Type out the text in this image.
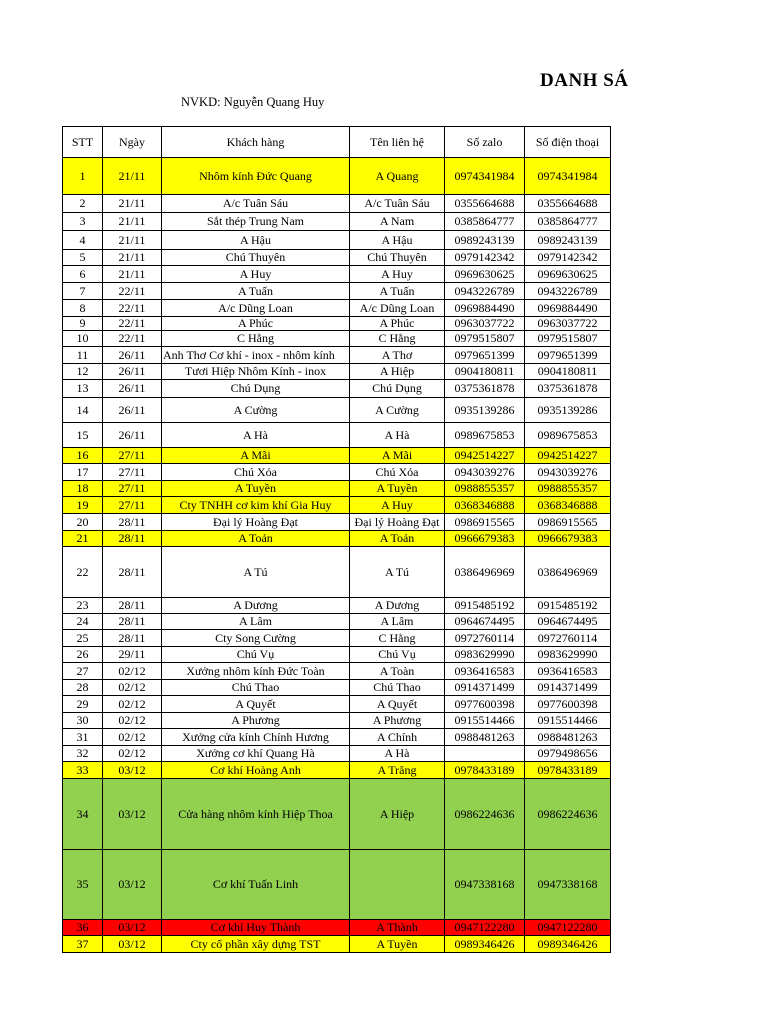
DANH SÁ
NVKD: Nguyễn Quang Huy
STT	Ngày	Khách hàng	Tên liên hệ	Số zalo	Số điện thoại
1	21/11	Nhôm kính Đức Quang	A Quang	0974341984	0974341984
2	21/11	A/c Tuân Sáu	A/c Tuân Sáu	0355664688	0355664688
3	21/11	Sắt thép Trung Nam	A Nam	0385864777	0385864777
4	21/11	A Hậu	A Hậu	0989243139	0989243139
5	21/11	Chú Thuyên	Chú Thuyên	0979142342	0979142342
6	21/11	A Huy	A Huy	0969630625	0969630625
7	22/11	A Tuấn	A Tuấn	0943226789	0943226789
8	22/11	A/c Dũng Loan	A/c Dũng Loan	0969884490	0969884490
9	22/11	A Phúc	A Phúc	0963037722	0963037722
10	22/11	C Hằng	C Hằng	0979515807	0979515807
11	26/11	Anh Thơ Cơ khí - inox - nhôm kính	A Thơ	0979651399	0979651399
12	26/11	Tươi Hiệp Nhôm Kính - inox	A Hiệp	0904180811	0904180811
13	26/11	Chú Dụng	Chú Dụng	0375361878	0375361878
14	26/11	A Cường	A Cường	0935139286	0935139286
15	26/11	A Hà	A Hà	0989675853	0989675853
16	27/11	A Mãi	A Mãi	0942514227	0942514227
17	27/11	Chú Xỏa	Chú Xỏa	0943039276	0943039276
18	27/11	A Tuyền	A Tuyền	0988855357	0988855357
19	27/11	Cty TNHH cơ kim khí Gia Huy	A Huy	0368346888	0368346888
20	28/11	Đại lý Hoàng Đạt	Đại lý Hoàng Đạt	0986915565	0986915565
21	28/11	A Toản	A Toản	0966679383	0966679383
22	28/11	A Tú	A Tú	0386496969	0386496969
23	28/11	A Dương	A Dương	0915485192	0915485192
24	28/11	A Lâm	A Lâm	0964674495	0964674495
25	28/11	Cty Song Cường	C Hằng	0972760114	0972760114
26	29/11	Chú Vụ	Chú Vụ	0983629990	0983629990
27	02/12	Xưởng nhôm kính Đức Toàn	A Toàn	0936416583	0936416583
28	02/12	Chú Thao	Chú Thao	0914371499	0914371499
29	02/12	A Quyết	A Quyết	0977600398	0977600398
30	02/12	A Phương	A Phương	0915514466	0915514466
31	02/12	Xưởng cửa kính Chính Hương	A Chính	0988481263	0988481263
32	02/12	Xưởng cơ khí Quang Hà	A Hà		0979498656
33	03/12	Cơ khí Hoàng Anh	A Trăng	0978433189	0978433189
34	03/12	Cửa hàng nhôm kính Hiệp Thoa	A Hiệp	0986224636	0986224636
35	03/12	Cơ khí Tuấn Linh		0947338168	0947338168
36	03/12	Cơ khí Huy Thành	A Thành	0947122280	0947122280
37	03/12	Cty cổ phần xây dựng TST	A Tuyền	0989346426	0989346426
